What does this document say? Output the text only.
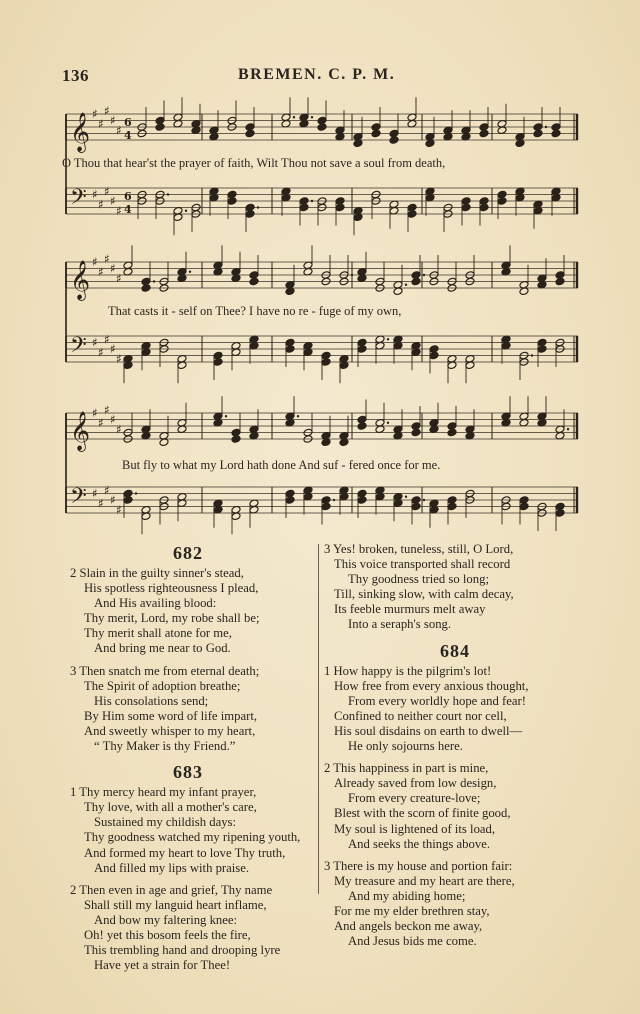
136	BREMEN. C. P. M.
𝄞 ♯
♯
♯
♯
♯
6
4
𝄢 ♯
♯
♯
♯
♯
6
4
O Thou that hear'st the prayer of faith, Wilt Thou not save a soul from death,
𝄞 ♯
♯
♯
♯
♯
𝄢 ♯
♯
♯
♯
♯
That casts it - self on Thee? I have no re - fuge of my own,
𝄞 ♯
♯
♯
♯
♯
𝄢 ♯
♯
♯
♯
♯
But fly to what my Lord hath done And suf - fered once for me.
682
2 Slain in the guilty sinner's stead,
His spotless righteousness I plead,
And His availing blood:
Thy merit, Lord, my robe shall be;
Thy merit shall atone for me,
And bring me near to God.
3 Then snatch me from eternal death;
The Spirit of adoption breathe;
His consolations send;
By Him some word of life impart,
And sweetly whisper to my heart,
“ Thy Maker is thy Friend.”
683
1 Thy mercy heard my infant prayer,
Thy love, with all a mother's care,
Sustained my childish days:
Thy goodness watched my ripening youth,
And formed my heart to love Thy truth,
And filled my lips with praise.
2 Then even in age and grief, Thy name
Shall still my languid heart inflame,
And bow my faltering knee:
Oh! yet this bosom feels the fire,
This trembling hand and drooping lyre
Have yet a strain for Thee!
3 Yes! broken, tuneless, still, O Lord,
This voice transported shall record
Thy goodness tried so long;
Till, sinking slow, with calm decay,
Its feeble murmurs melt away
Into a seraph's song.
684
1 How happy is the pilgrim's lot!
How free from every anxious thought,
From every worldly hope and fear!
Confined to neither court nor cell,
His soul disdains on earth to dwell—
He only sojourns here.
2 This happiness in part is mine,
Already saved from low design,
From every creature-love;
Blest with the scorn of finite good,
My soul is lightened of its load,
And seeks the things above.
3 There is my house and portion fair:
My treasure and my heart are there,
And my abiding home;
For me my elder brethren stay,
And angels beckon me away,
And Jesus bids me come.
